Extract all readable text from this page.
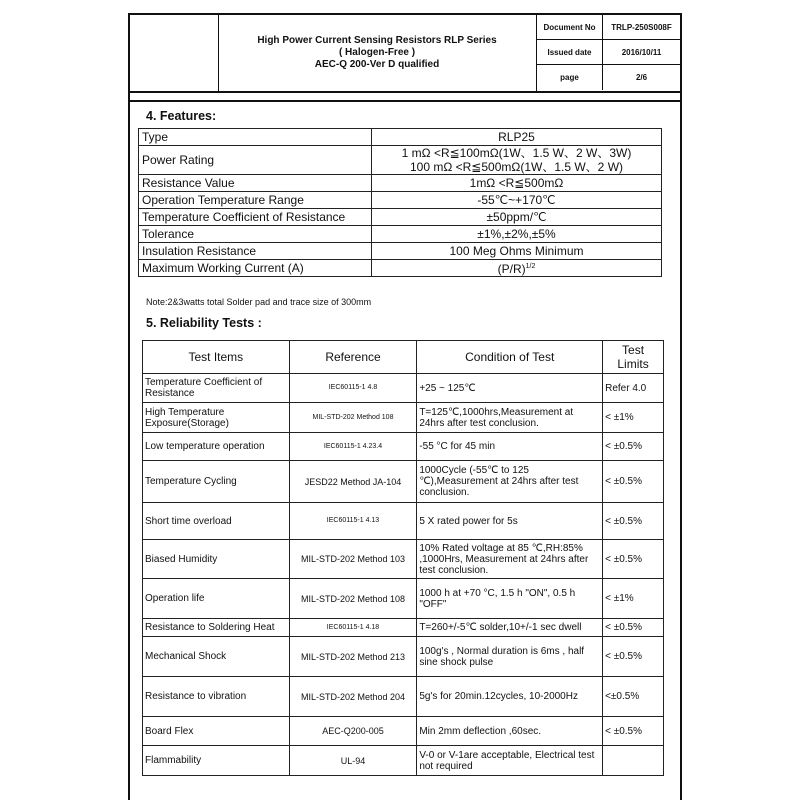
High Power Current Sensing Resistors RLP Series
( Halogen-Free )
AEC-Q 200-Ver D qualified
Document No	TRLP-250S008F
Issued date	2016/10/11
page	2/6
4. Features:
Type	RLP25
Power Rating	1 mΩ <R≦100mΩ(1W、1.5 W、2 W、3W)
100 mΩ <R≦500mΩ(1W、1.5 W、2 W)

Resistance Value	1mΩ <R≦500mΩ
Operation Temperature Range	-55℃~+170℃
Temperature Coefficient of Resistance	±50ppm/℃
Tolerance	±1%,±2%,±5%
Insulation Resistance	100 Meg Ohms Minimum
Maximum Working Current (A)	$(P/R)^{1/2}$
Note:2&3watts total Solder pad and trace size of 300mm
5. Reliability Tests :
Test Items	Reference	Condition of Test	Test Limits
Temperature Coefficient of Resistance	IEC60115-1 4.8	+25 ~ 125℃	Refer 4.0
High Temperature Exposure(Storage)	MIL-STD-202 Method 108	T=125℃,1000hrs,Measurement at 24hrs after test conclusion.	< ±1%
Low temperature operation	IEC60115-1 4.23.4	-55 °C for 45 min	< ±0.5%
Temperature Cycling	JESD22 Method JA-104	1000Cycle (-55℃ to 125 ℃),Measurement at 24hrs after test conclusion.	< ±0.5%
Short time overload	IEC60115-1 4.13	5 X rated power for 5s	< ±0.5%
Biased Humidity	MIL-STD-202 Method 103	10% Rated voltage at 85 ℃,RH:85% ,1000Hrs, Measurement at 24hrs after test conclusion.	< ±0.5%
Operation life	MIL-STD-202 Method 108	1000 h at +70 °C, 1.5 h "ON", 0.5 h "OFF"	< ±1%
Resistance to Soldering Heat	IEC60115-1 4.18	T=260+/-5℃ solder,10+/-1 sec dwell	< ±0.5%
Mechanical Shock	MIL-STD-202 Method 213	100g's , Normal duration is 6ms , half sine shock pulse	< ±0.5%
Resistance to vibration	MIL-STD-202 Method 204	5g's for 20min.12cycles, 10-2000Hz	<±0.5%
Board Flex	AEC-Q200-005	Min 2mm deflection ,60sec.	< ±0.5%
Flammability	UL-94	V-0 or V-1are acceptable, Electrical test not required	
